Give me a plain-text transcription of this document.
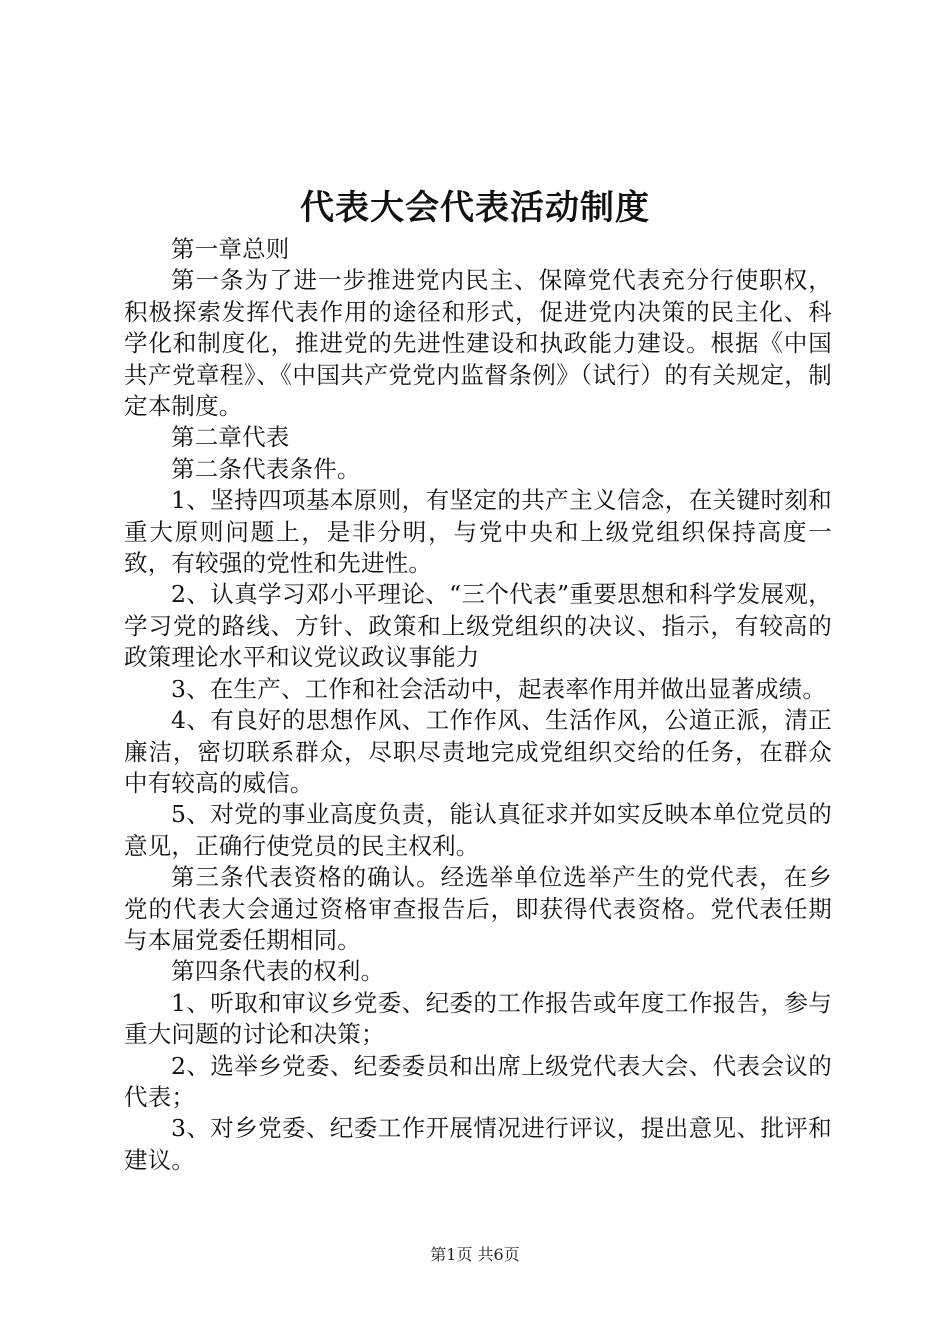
代表大会代表活动制度

第一章总则

第一条为了进一步推进党内民主、保障党代表充分行使职权，积极探索发挥代表作用的途径和形式，促进党内决策的民主化、科学化和制度化，推进党的先进性建设和执政能力建设。根据《中国共产党章程》、《中国共产党党内监督条例》（试行）的有关规定，制定本制度。

第二章代表

第二条代表条件。

1、坚持四项基本原则，有坚定的共产主义信念，在关键时刻和重大原则问题上，是非分明，与党中央和上级党组织保持高度一致，有较强的党性和先进性。

2、认真学习邓小平理论、“三个代表”重要思想和科学发展观，学习党的路线、方针、政策和上级党组织的决议、指示，有较高的政策理论水平和议党议政议事能力

3、在生产、工作和社会活动中，起表率作用并做出显著成绩。

4、有良好的思想作风、工作作风、生活作风，公道正派，清正廉洁，密切联系群众，尽职尽责地完成党组织交给的任务，在群众中有较高的威信。

5、对党的事业高度负责，能认真征求并如实反映本单位党员的意见，正确行使党员的民主权利。

第三条代表资格的确认。经选举单位选举产生的党代表，在乡党的代表大会通过资格审查报告后，即获得代表资格。党代表任期与本届党委任期相同。

第四条代表的权利。

1、听取和审议乡党委、纪委的工作报告或年度工作报告，参与重大问题的讨论和决策；

2、选举乡党委、纪委委员和出席上级党代表大会、代表会议的代表；

3、对乡党委、纪委工作开展情况进行评议，提出意见、批评和建议。

第1页 共6页
